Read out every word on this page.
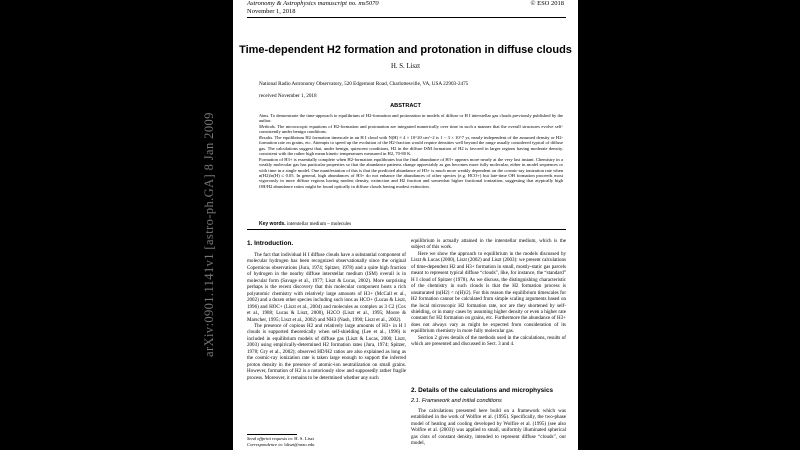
Astronomy & Astrophysics manuscript no. ms5070
November 1, 2018
© ESO 2018
Time-dependent H2 formation and protonation in diffuse clouds
H. S. Liszt
National Radio Astronomy Observatory, 520 Edgemont Road, Charlottesville, VA, USA 22903-2475
received November 1, 2018
ABSTRACT

Aims. To demonstrate the time-approach to equilibrium of H2-formation and protonation in models of diffuse or H I interstellar gas clouds previously published by the author.

Methods. The microscopic equations of H2-formation and protonation are integrated numerically over time in such a manner that the overall structures evolve self-consistently under benign conditions.

Results. The equilibrium H2 formation timescale in an H I cloud with N(H) ≈ 4 × 10^20 cm^-2 is 1 − 3 × 10^7 yr, nearly independent of the assumed density or H2-formation rate on grains, etc. Attempts to speed up the evolution of the H2-fraction would require densities well beyond the range usually considered typical of diffuse gas. The calculations suggest that, under benign, quiescent conditions, H2 in the diffuse ISM formation of H2 is favored in larger regions having moderate density, consistent with the rather high mean kinetic temperatures measured in H2, 70-80 K.

Formation of H3+ is essentially complete when H2-formation equilibrates but the final abundance of H3+ appears more nearly at the very last instant. Chemistry in a weakly molecular gas has particular properties so that the abundance patterns change appreciably as gas becomes more fully molecular, either in model sequences or with time in a single model. One manifestation of this is that the predicted abundance of H3+ is much more weakly dependent on the cosmic-ray ionization rate when n(H2)/n(H) ≤ 0.05. In general, high abundances of H3+ do not enhance the abundances of other species (e.g. HCO+) but late-time OH formation proceeds most vigorously in more diffuse regions having modest density, extinction and H2 fraction and somewhat higher fractional ionization, suggesting that atypically high OH/H2 abundance ratios might be found optically in diffuse clouds having modest extinction.

Key words. interstellar medium – molecules
1. Introduction.

The fact that individual H I diffuse clouds have a substantial component of molecular hydrogen has been recognized observationally since the original Copernicus observations (Jura, 1974; Spitzer, 1978) and a quite high fraction of hydrogen in the nearby diffuse interstellar medium (ISM) overall is in molecular form (Savage et al., 1977; Liszt & Lucas, 2002). More surprising perhaps is the recent discovery that this molecular component hosts a rich polyatomic chemistry with relatively large amounts of H3+ (McCall et al., 2002) and a dozen other species including such ions as HCO+ (Lucas & Liszt, 1996) and HOC+ (Liszt et al., 2004) and molecules as complex as 3 C2 (Cox et al., 1988; Lucas & Liszt, 2000), H2CO (Liszt et al., 1995; Moore & Marscher, 1995; Liszt et al., 2002) and NH3 (Nash, 1990; Liszt et al., 2002).

The presence of copious H2 and relatively large amounts of H3+ in H I clouds is supported theoretically when self-shielding (Lee et al., 1996) is included in equilibrium models of diffuse gas (Liszt & Lucas, 2000; Liszt, 2003) using empirically-determined H2 formation rates (Jura, 1974; Spitzer, 1978; Gry et al., 2002); observed HD/H2 ratios are also explained as long as the cosmic-ray ionization rate is taken large enough to support the inferred proton density in the presence of atomic-ion neutralization on small grains. However, formation of H2 is a notoriously slow and supposedly rather fragile process. Moreover, it remains to be determined whether any such

equilibrium is actually attained in the interstellar medium, which is the subject of this work.

Here we show the approach to equilibrium in the models discussed by Liszt & Lucas (2000), Liszt (2002) and Liszt (2003): we present calculations of time-dependent H2 and H3+ formation in small, mostly-static gas parcels meant to represent typical diffuse “clouds”, like, for instance, the “standard” H I cloud of Spitzer (1978). As we discuss, the distinguishing characteristic of the chemistry in such clouds is that the H2 formation process is unsaturated (n(H2) < n(H)/2). For this reason the equilibrium timescales for H2 formation cannot be calculated from simple scaling arguments based on the local microscopic H2 formation rate, nor are they shortened by self-shielding, or in many cases by assuming higher density or even a higher rate constant for H2 formation on grains, etc. Furthermore the abundance of H3+ does not always vary as might be expected from consideration of its equilibrium chemistry in more fully molecular gas.

Section 2 gives details of the methods used in the calculations, results of which are presented and discussed in Sect. 3 and 4.

2. Details of the calculations and microphysics
2.1. Framework and initial conditions

The calculations presented here build on a framework which was established in the work of Wolfire et al. (1995). Specifically, the two-phase model of heating and cooling developed by Wolfire et al. (1995) (see also Wolfire et al. (2003)) was applied to small, uniformly illuminated spherical gas clots of constant density, intended to represent diffuse “clouds”, our model,

Send offprint requests to: H. S. Liszt
Correspondence to: hliszt@nrao.edu
arXiv:0901.1141v1 [astro-ph.GA] 8 Jan 2009
